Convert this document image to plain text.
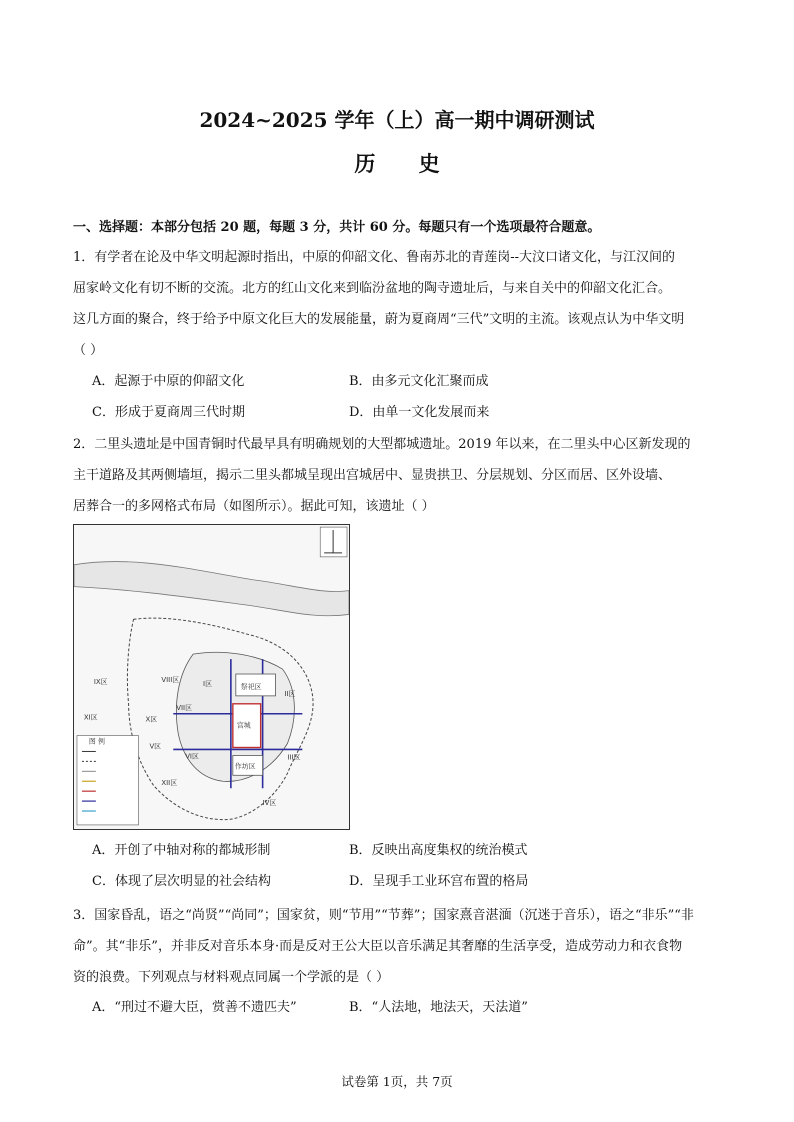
2024~2025 学年（上）高一期中调研测试
历 史
一、选择题：本部分包括 20 题，每题 3 分，共计 60 分。每题只有一个选项最符合题意。
1．有学者在论及中华文明起源时指出，中原的仰韶文化、鲁南苏北的青莲岗--大汶口诸文化，与江汉间的
屈家岭文化有切不断的交流。北方的红山文化来到临汾盆地的陶寺遗址后，与来自关中的仰韶文化汇合。
这几方面的聚合，终于给予中原文化巨大的发展能量，蔚为夏商周“三代”文明的主流。该观点认为中华文明
（ ）
A．起源于中原的仰韶文化	B．由多元文化汇聚而成
C．形成于夏商周三代时期	D．由单一文化发展而来
2．二里头遗址是中国青铜时代最早具有明确规划的大型都城遗址。2019 年以来，在二里头中心区新发现的
主干道路及其两侧墙垣，揭示二里头都城呈现出宫城居中、显贵拱卫、分层规划、分区而居、区外设墙、
居葬合一的多网格式布局（如图所示）。据此可知，该遗址（ ）
图 例
祭祀区
宫城
作坊区
I区
II区
III区
IV区
V区
VI区
VII区
VIII区
IX区
X区
XI区
XII区
A．开创了中轴对称的都城形制	B．反映出高度集权的统治模式
C．体现了层次明显的社会结构	D．呈现手工业环宫布置的格局
3．国家昏乱，语之“尚贤”“尚同”；国家贫，则“节用”“节葬”；国家熹音湛湎（沉迷于音乐），语之“非乐”“非
命”。其“非乐”，并非反对音乐本身·而是反对王公大臣以音乐满足其奢靡的生活享受，造成劳动力和衣食物
资的浪费。下列观点与材料观点同属一个学派的是（ ）
A．“刑过不避大臣，赏善不遗匹夫”	B．“人法地，地法天，天法道”
试卷第 1页，共 7页
